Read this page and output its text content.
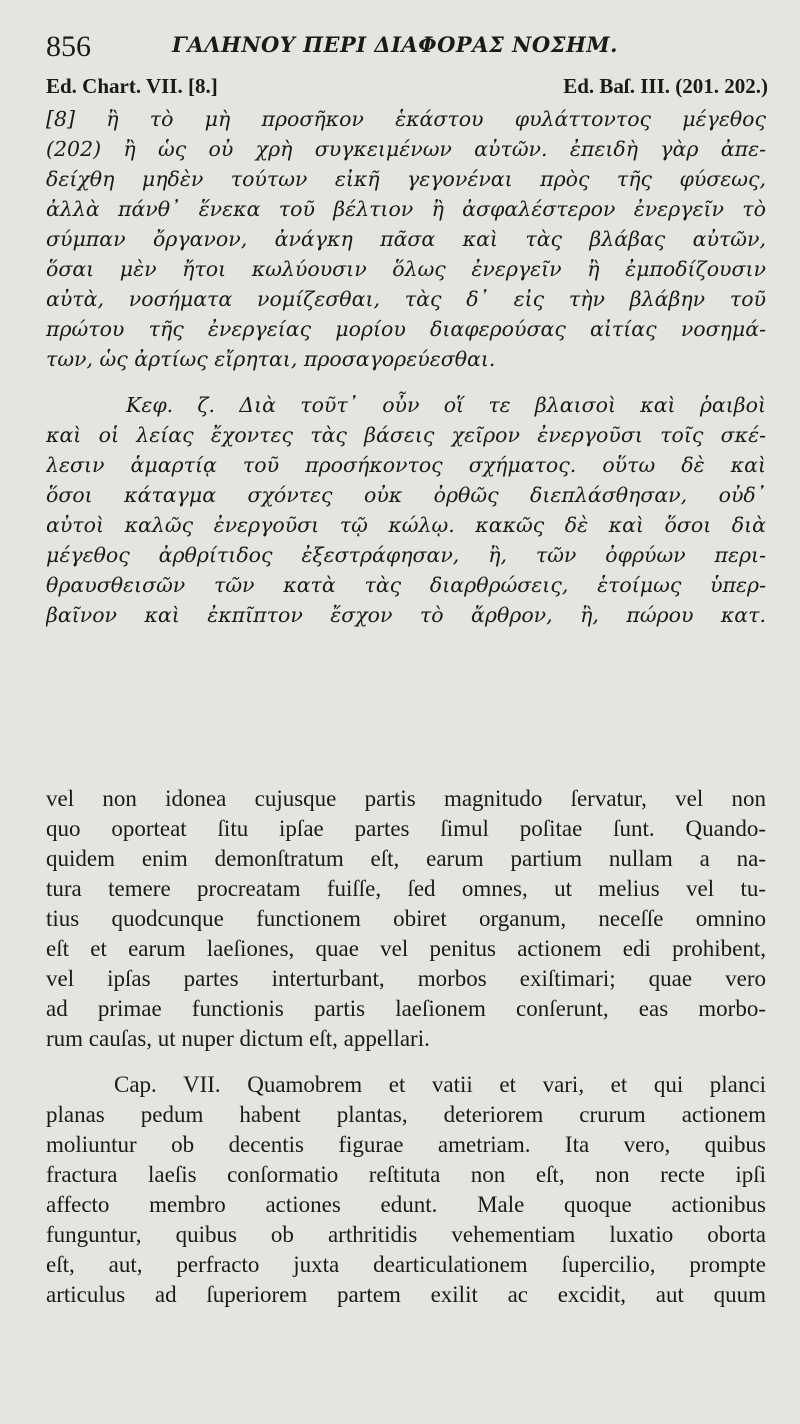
856	ΓΑΛΗΝΟΥ ΠΕΡΙ ΔΙΑΦΟΡΑΣ ΝΟΣΗΜ.
Ed. Chart. VII. [8.]	Ed. Baſ. III. (201. 202.)
[8] ἢ τὸ μὴ προσῆκον ἑκάστου φυλάττοντος μέγεθος
(202) ἢ ὡς οὐ χρὴ συγκειμένων αὐτῶν. ἐπειδὴ γὰρ ἀπε-
δείχθη μηδὲν τούτων εἰκῆ γεγονέναι πρὸς τῆς φύσεως,
ἀλλὰ πάνθ᾽ ἕνεκα τοῦ βέλτιον ἢ ἀσφαλέστερον ἐνεργεῖν τὸ
σύμπαν ὄργανον, ἀνάγκη πᾶσα καὶ τὰς βλάβας αὐτῶν,
ὅσαι μὲν ἤτοι κωλύουσιν ὅλως ἐνεργεῖν ἢ ἐμποδίζουσιν
αὐτὰ, νοσήματα νομίζεσθαι, τὰς δ᾽ εἰς τὴν βλάβην τοῦ
πρώτου τῆς ἐνεργείας μορίου διαφερούσας αἰτίας νοσημά-
των, ὡς ἀρτίως εἴρηται, προσαγορεύεσθαι.
Κεφ. ζ. Διὰ τοῦτ᾽ οὖν οἵ τε βλαισοὶ καὶ ῥαιβοὶ
καὶ οἱ λείας ἔχοντες τὰς βάσεις χεῖρον ἐνεργοῦσι τοῖς σκέ-
λεσιν ἁμαρτίᾳ τοῦ προσήκοντος σχήματος. οὕτω δὲ καὶ
ὅσοι κάταγμα σχόντες οὐκ ὀρθῶς διεπλάσθησαν, οὐδ᾽
αὐτοὶ καλῶς ἐνεργοῦσι τῷ κώλῳ. κακῶς δὲ καὶ ὅσοι διὰ
μέγεθος ἀρθρίτιδος ἐξεστράφησαν, ἢ, τῶν ὀφρύων περι-
θραυσθεισῶν τῶν κατὰ τὰς διαρθρώσεις, ἑτοίμως ὑπερ-
βαῖνον καὶ ἐκπῖπτον ἔσχον τὸ ἄρθρον, ἢ, πώρου κατ.
vel non idonea cujusque partis magnitudo ſervatur, vel non
quo oporteat ſitu ipſae partes ſimul poſitae ſunt. Quando-
quidem enim demonſtratum eſt, earum partium nullam a na-
tura temere procreatam fuiſſe, ſed omnes, ut melius vel tu-
tius quodcunque functionem obiret organum, neceſſe omnino
eſt et earum laeſiones, quae vel penitus actionem edi prohibent,
vel ipſas partes interturbant, morbos exiſtimari; quae vero
ad primae functionis partis laeſionem conſerunt, eas morbo-
rum cauſas, ut nuper dictum eſt, appellari.
Cap. VII. Quamobrem et vatii et vari, et qui planci
planas pedum habent plantas, deteriorem crurum actionem
moliuntur ob decentis figurae ametriam. Ita vero, quibus
fractura laeſis conſormatio reſtituta non eſt, non recte ipſi
affecto membro actiones edunt. Male quoque actionibus
funguntur, quibus ob arthritidis vehementiam luxatio oborta
eſt, aut, perfracto juxta dearticulationem ſupercilio, prompte
articulus ad ſuperiorem partem exilit ac excidit, aut quum
